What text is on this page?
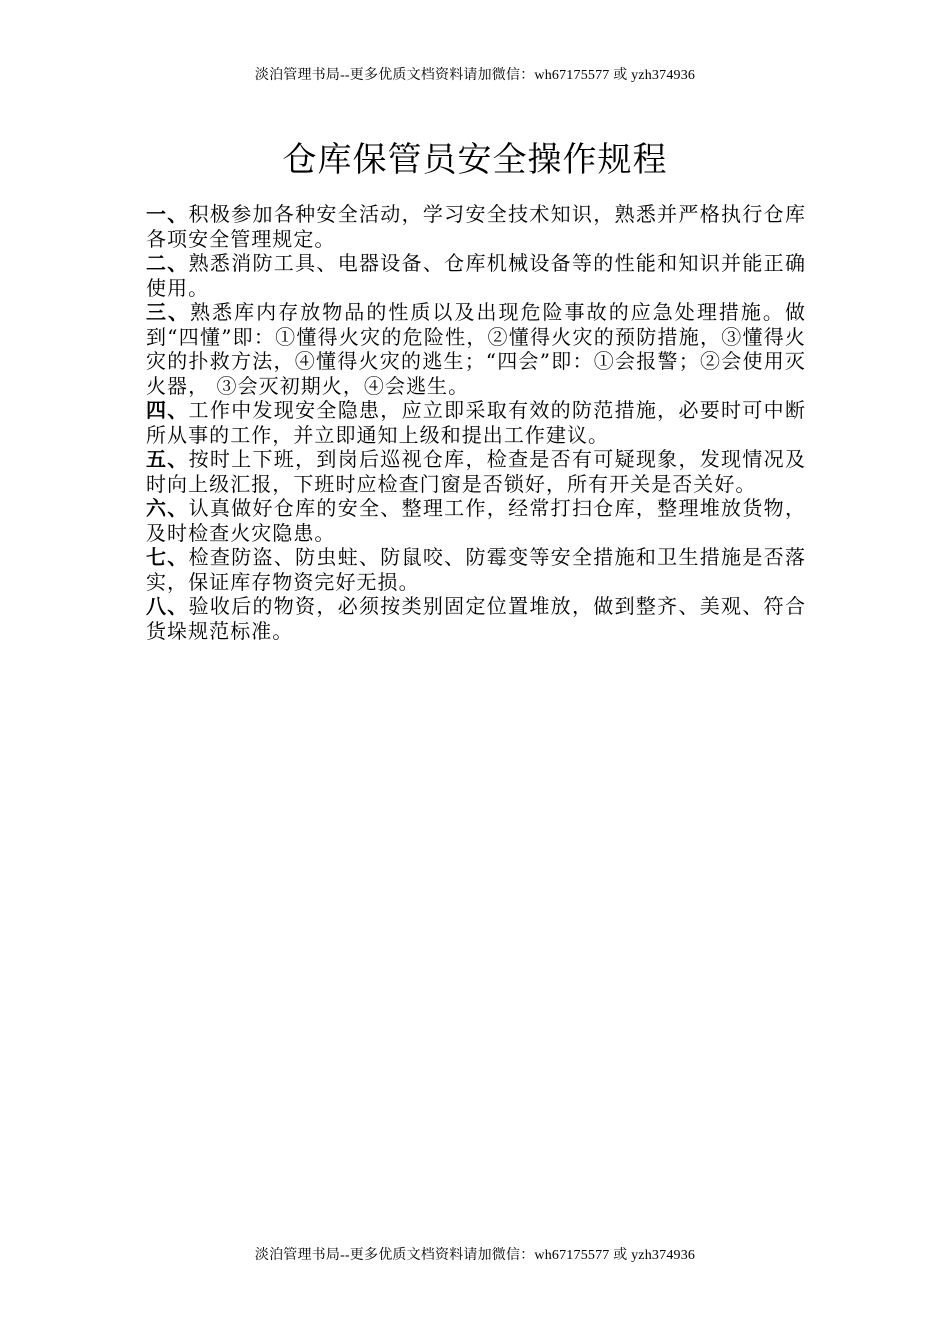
淡泊管理书局--更多优质文档资料请加微信：wh67175577 或 yzh374936
仓库保管员安全操作规程

一、积极参加各种安全活动，学习安全技术知识，熟悉并严格执行仓库各项安全管理规定。

二、熟悉消防工具、电器设备、仓库机械设备等的性能和知识并能正确使用。

三、熟悉库内存放物品的性质以及出现危险事故的应急处理措施。做到“四懂”即：①懂得火灾的危险性，②懂得火灾的预防措施，③懂得火灾的扑救方法，④懂得火灾的逃生；“四会”即：①会报警；②会使用灭火器， ③会灭初期火，④会逃生。

四、工作中发现安全隐患，应立即采取有效的防范措施，必要时可中断所从事的工作，并立即通知上级和提出工作建议。

五、按时上下班，到岗后巡视仓库，检查是否有可疑现象，发现情况及时向上级汇报，下班时应检查门窗是否锁好，所有开关是否关好。

六、认真做好仓库的安全、整理工作，经常打扫仓库，整理堆放货物，及时检查火灾隐患。

七、检查防盗、防虫蛀、防鼠咬、防霉变等安全措施和卫生措施是否落实，保证库存物资完好无损。

八、验收后的物资，必须按类别固定位置堆放，做到整齐、美观、符合货垛规范标准。

淡泊管理书局--更多优质文档资料请加微信：wh67175577 或 yzh374936
